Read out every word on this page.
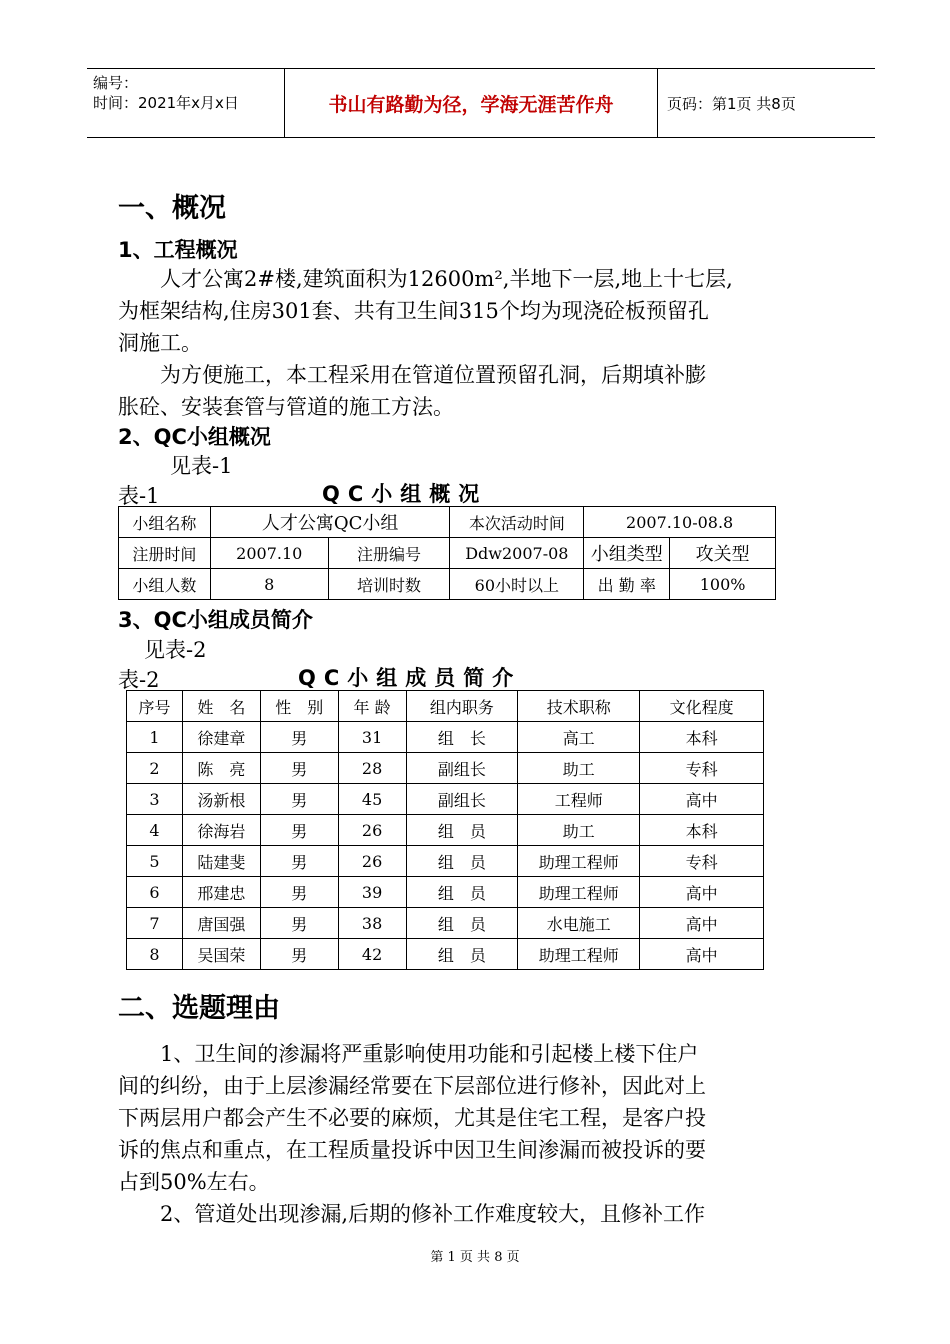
编号：
时间：2021年x月x日	书山有路勤为径，学海无涯苦作舟	页码：第1页 共8页
一、概况
1、工程概况
　　人才公寓2#楼,建筑面积为12600m²,半地下一层,地上十七层,
为框架结构,住房301套、共有卫生间315个均为现浇砼板预留孔
洞施工。
　　为方便施工，本工程采用在管道位置预留孔洞，后期填补膨
胀砼、安装套管与管道的施工方法。
2、QC小组概况
见表-1
表-1	QC小组概况
小组名称	人才公寓QC小组		本次活动时间	2007.10-08.8	
注册时间	2007.10	注册编号	Ddw2007-08	小组类型	攻关型
小组人数	8	培训时数	60小时以上	出 勤 率	100%
3、QC小组成员简介
见表-2
表-2	QC小组成员简介
序号	姓　名	性　别	年 龄	组内职务	技术职称	文化程度
1	徐建章	男	31	组　长	高工	本科
2	陈　亮	男	28	副组长	助工	专科
3	汤新根	男	45	副组长	工程师	高中
4	徐海岩	男	26	组　员	助工	本科
5	陆建斐	男	26	组　员	助理工程师	专科
6	邢建忠	男	39	组　员	助理工程师	高中
7	唐国强	男	38	组　员	水电施工	高中
8	吴国荣	男	42	组　员	助理工程师	高中
二、选题理由
　　1、卫生间的渗漏将严重影响使用功能和引起楼上楼下住户
间的纠纷，由于上层渗漏经常要在下层部位进行修补，因此对上
下两层用户都会产生不必要的麻烦，尤其是住宅工程，是客户投
诉的焦点和重点，在工程质量投诉中因卫生间渗漏而被投诉的要
占到50%左右。
　　2、管道处出现渗漏,后期的修补工作难度较大，且修补工作
第 1 页 共 8 页
